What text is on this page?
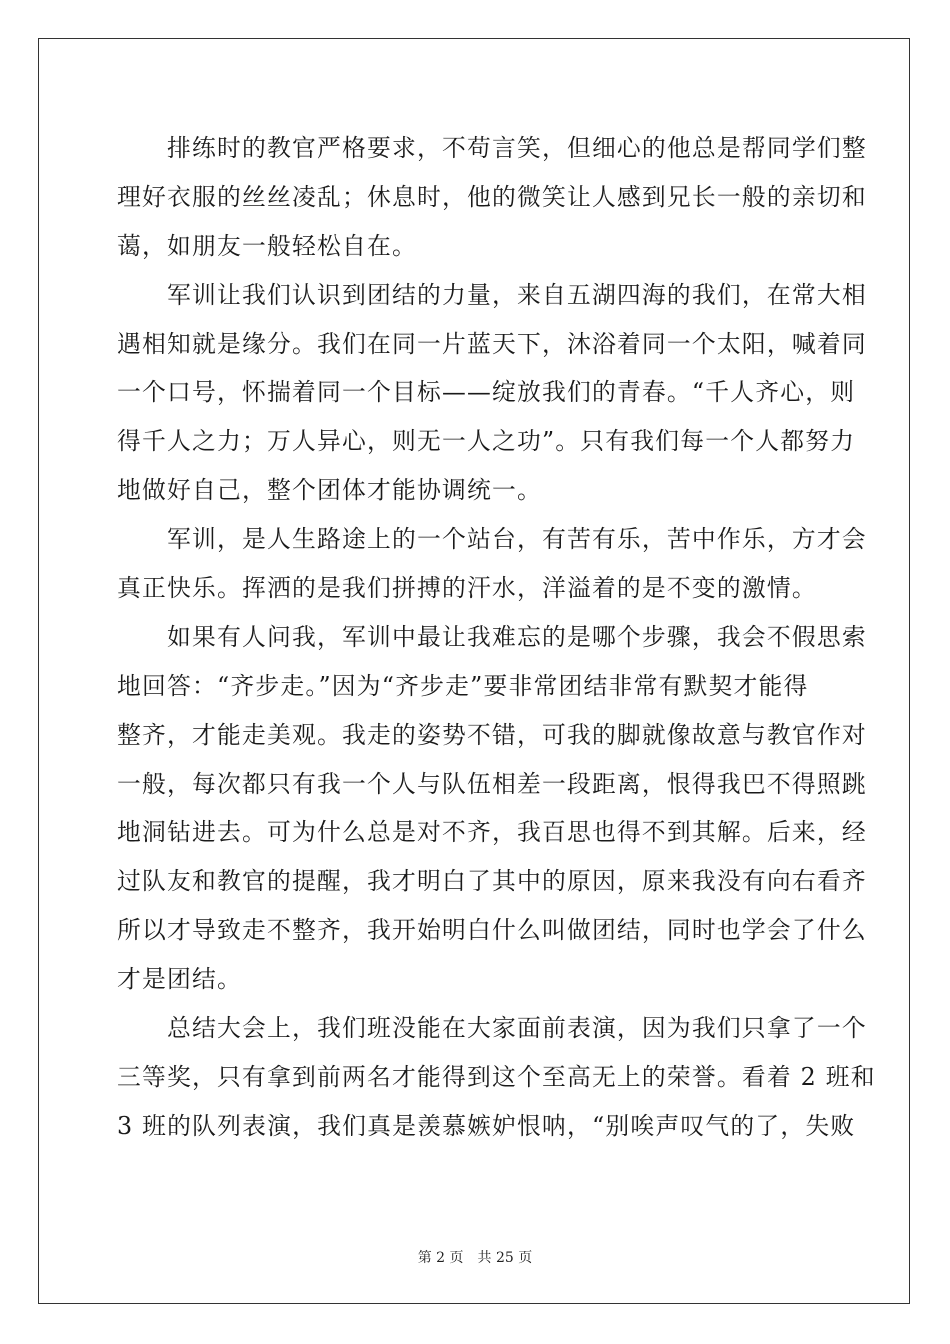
　　排练时的教官严格要求，不苟言笑，但细心的他总是帮同学们整
理好衣服的丝丝凌乱；休息时，他的微笑让人感到兄长一般的亲切和
蔼，如朋友一般轻松自在。
　　军训让我们认识到团结的力量，来自五湖四海的我们，在常大相
遇相知就是缘分。我们在同一片蓝天下，沐浴着同一个太阳，喊着同
一个口号，怀揣着同一个目标——绽放我们的青春。“千人齐心，则
得千人之力；万人异心，则无一人之功”。只有我们每一个人都努力
地做好自己，整个团体才能协调统一。
　　军训，是人生路途上的一个站台，有苦有乐，苦中作乐，方才会
真正快乐。挥洒的是我们拼搏的汗水，洋溢着的是不变的激情。
　　如果有人问我，军训中最让我难忘的是哪个步骤，我会不假思索
地回答：“齐步走。”因为“齐步走”要非常团结非常有默契才能得
整齐，才能走美观。我走的姿势不错，可我的脚就像故意与教官作对
一般，每次都只有我一个人与队伍相差一段距离，恨得我巴不得照跳
地洞钻进去。可为什么总是对不齐，我百思也得不到其解。后来，经
过队友和教官的提醒，我才明白了其中的原因，原来我没有向右看齐
所以才导致走不整齐，我开始明白什么叫做团结，同时也学会了什么
才是团结。
　　总结大会上，我们班没能在大家面前表演，因为我们只拿了一个
三等奖，只有拿到前两名才能得到这个至高无上的荣誉。看着 2 班和
3 班的队列表演，我们真是羡慕嫉妒恨呐，“别唉声叹气的了，失败
第 2 页　共 25 页
